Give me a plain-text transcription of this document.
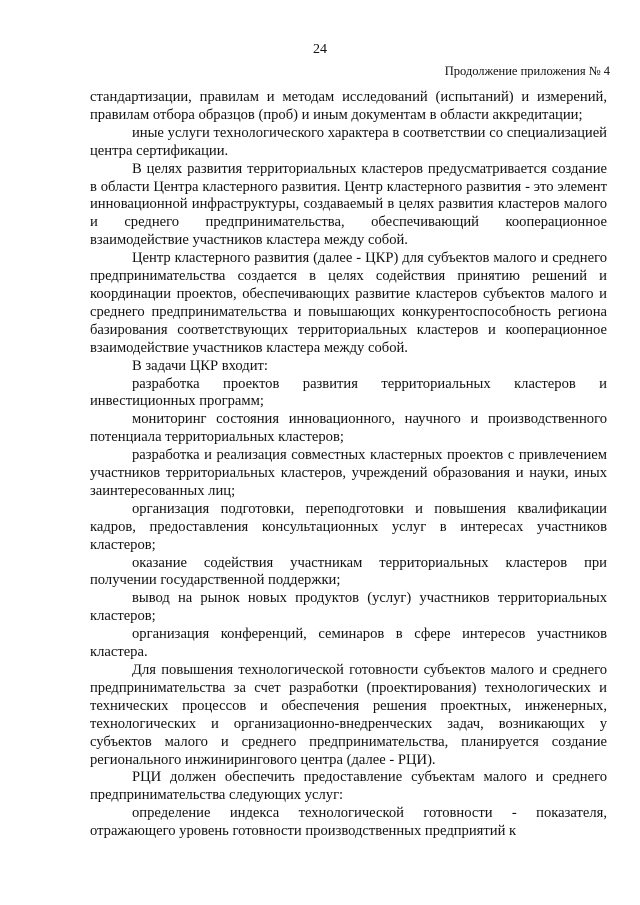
24
Продолжение приложения № 4

стандартизации, правилам и методам исследований (испытаний) и измерений, правилам отбора образцов (проб) и иным документам в области аккредитации;

иные услуги технологического характера в соответствии со специализацией центра сертификации.

В целях развития территориальных кластеров предусматривается создание в области Центра кластерного развития. Центр кластерного развития - это элемент инновационной инфраструктуры, создаваемый в целях развития кластеров малого и среднего предпринимательства, обеспечивающий кооперационное взаимодействие участников кластера между собой.

Центр кластерного развития (далее - ЦКР) для субъектов малого и среднего предпринимательства создается в целях содействия принятию решений и координации проектов, обеспечивающих развитие кластеров субъектов малого и среднего предпринимательства и повышающих конкурентоспособность региона базирования соответствующих территориальных кластеров и кооперационное взаимодействие участников кластера между собой.

В задачи ЦКР входит:

разработка проектов развития территориальных кластеров и инвестиционных программ;

мониторинг состояния инновационного, научного и производственного потенциала территориальных кластеров;

разработка и реализация совместных кластерных проектов с привлечением участников территориальных кластеров, учреждений образования и науки, иных заинтересованных лиц;

организация подготовки, переподготовки и повышения квалификации кадров, предоставления консультационных услуг в интересах участников кластеров;

оказание содействия участникам территориальных кластеров при получении государственной поддержки;

вывод на рынок новых продуктов (услуг) участников территориальных кластеров;

организация конференций, семинаров в сфере интересов участников кластера.

Для повышения технологической готовности субъектов малого и среднего предпринимательства за счет разработки (проектирования) технологических и технических процессов и обеспечения решения проектных, инженерных, технологических и организационно-внедренческих задач, возникающих у субъектов малого и среднего предпринимательства, планируется создание регионального инжинирингового центра (далее - РЦИ).

РЦИ должен обеспечить предоставление субъектам малого и среднего предпринимательства следующих услуг:

определение индекса технологической готовности - показателя, отражающего уровень готовности производственных предприятий к
